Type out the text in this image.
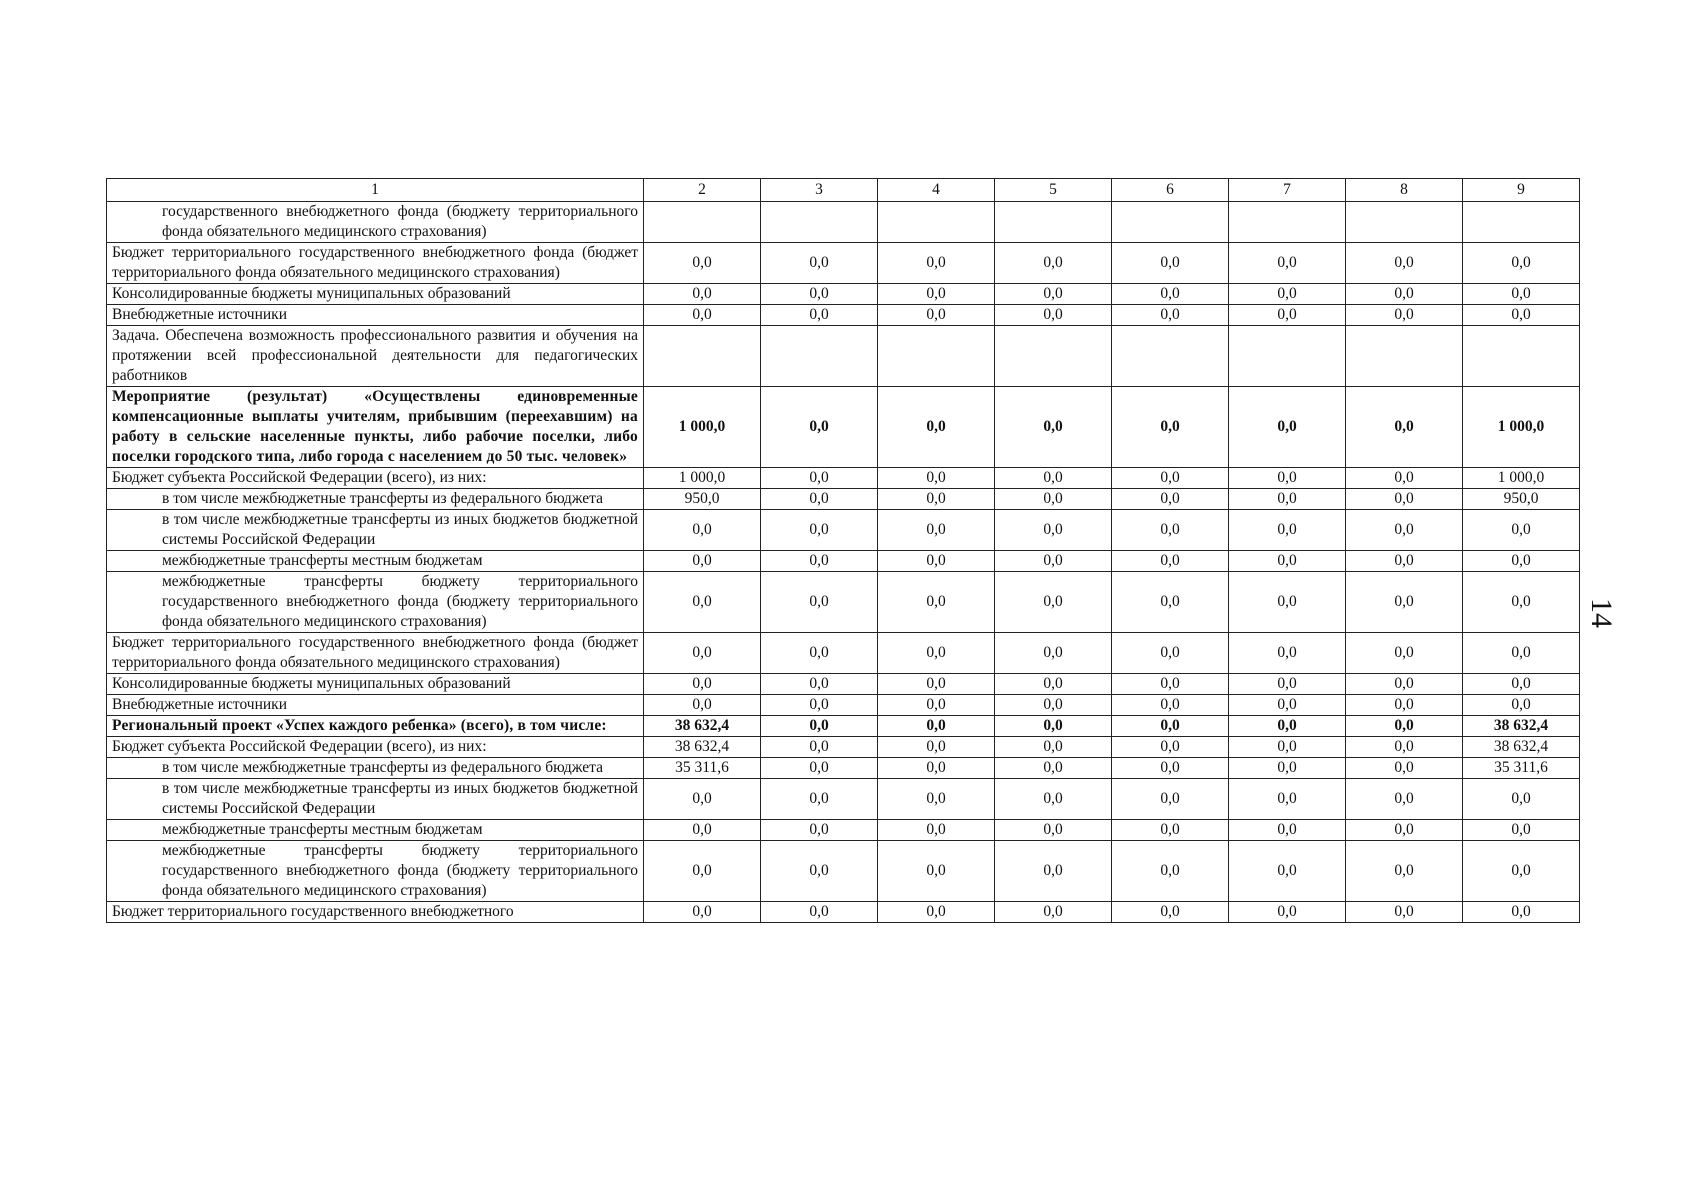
14
1	2	3	4	5	6	7	8	9
государственного внебюджетного фонда (бюджету территориального фонда обязательного медицинского страхования)								
Бюджет территориального государственного внебюджетного фонда (бюджет территориального фонда обязательного медицинского страхования)	0,0	0,0	0,0	0,0	0,0	0,0	0,0	0,0
Консолидированные бюджеты муниципальных образований	0,0	0,0	0,0	0,0	0,0	0,0	0,0	0,0
Внебюджетные источники	0,0	0,0	0,0	0,0	0,0	0,0	0,0	0,0
Задача. Обеспечена возможность профессионального развития и обучения на протяжении всей профессиональной деятельности для педагогических работников								
Мероприятие (результат) «Осуществлены единовременные компенсационные выплаты учителям, прибывшим (переехавшим) на работу в сельские населенные пункты, либо рабочие поселки, либо поселки городского типа, либо города с населением до 50 тыс. человек»	1 000,0	0,0	0,0	0,0	0,0	0,0	0,0	1 000,0
Бюджет субъекта Российской Федерации (всего), из них:	1 000,0	0,0	0,0	0,0	0,0	0,0	0,0	1 000,0
в том числе межбюджетные трансферты из федерального бюджета	950,0	0,0	0,0	0,0	0,0	0,0	0,0	950,0
в том числе межбюджетные трансферты из иных бюджетов бюджетной системы Российской Федерации	0,0	0,0	0,0	0,0	0,0	0,0	0,0	0,0
межбюджетные трансферты местным бюджетам	0,0	0,0	0,0	0,0	0,0	0,0	0,0	0,0
межбюджетные трансферты бюджету территориального государственного внебюджетного фонда (бюджету территориального фонда обязательного медицинского страхования)	0,0	0,0	0,0	0,0	0,0	0,0	0,0	0,0
Бюджет территориального государственного внебюджетного фонда (бюджет территориального фонда обязательного медицинского страхования)	0,0	0,0	0,0	0,0	0,0	0,0	0,0	0,0
Консолидированные бюджеты муниципальных образований	0,0	0,0	0,0	0,0	0,0	0,0	0,0	0,0
Внебюджетные источники	0,0	0,0	0,0	0,0	0,0	0,0	0,0	0,0
Региональный проект «Успех каждого ребенка» (всего), в том числе:	38 632,4	0,0	0,0	0,0	0,0	0,0	0,0	38 632,4
Бюджет субъекта Российской Федерации (всего), из них:	38 632,4	0,0	0,0	0,0	0,0	0,0	0,0	38 632,4
в том числе межбюджетные трансферты из федерального бюджета	35 311,6	0,0	0,0	0,0	0,0	0,0	0,0	35 311,6
в том числе межбюджетные трансферты из иных бюджетов бюджетной системы Российской Федерации	0,0	0,0	0,0	0,0	0,0	0,0	0,0	0,0
межбюджетные трансферты местным бюджетам	0,0	0,0	0,0	0,0	0,0	0,0	0,0	0,0
межбюджетные трансферты бюджету территориального государственного внебюджетного фонда (бюджету территориального фонда обязательного медицинского страхования)	0,0	0,0	0,0	0,0	0,0	0,0	0,0	0,0
Бюджет территориального государственного внебюджетного	0,0	0,0	0,0	0,0	0,0	0,0	0,0	0,0
